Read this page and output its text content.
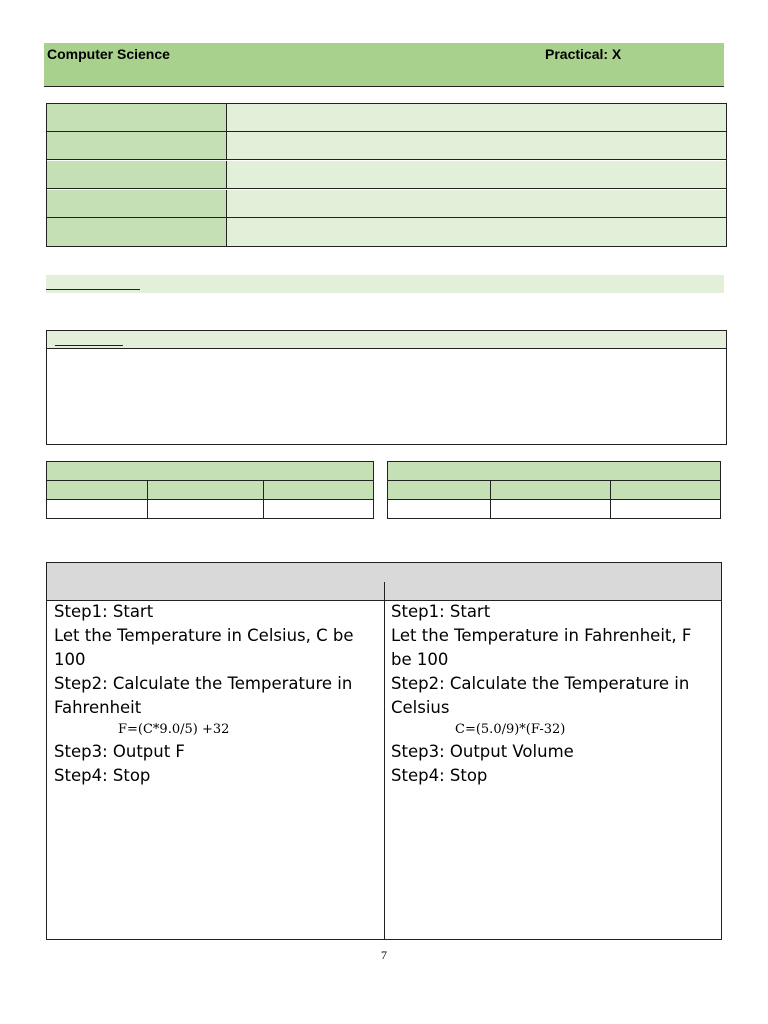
Computer Science	Practical: X
Step1: Start
Let the Temperature in Celsius, C be
100
Step2: Calculate the Temperature in
Fahrenheit
F=(C*9.0/5) +32
Step3: Output F
Step4: Stop
Step1: Start
Let the Temperature in Fahrenheit, F
be 100
Step2: Calculate the Temperature in
Celsius
C=(5.0/9)*(F-32)
Step3: Output Volume
Step4: Stop
7
